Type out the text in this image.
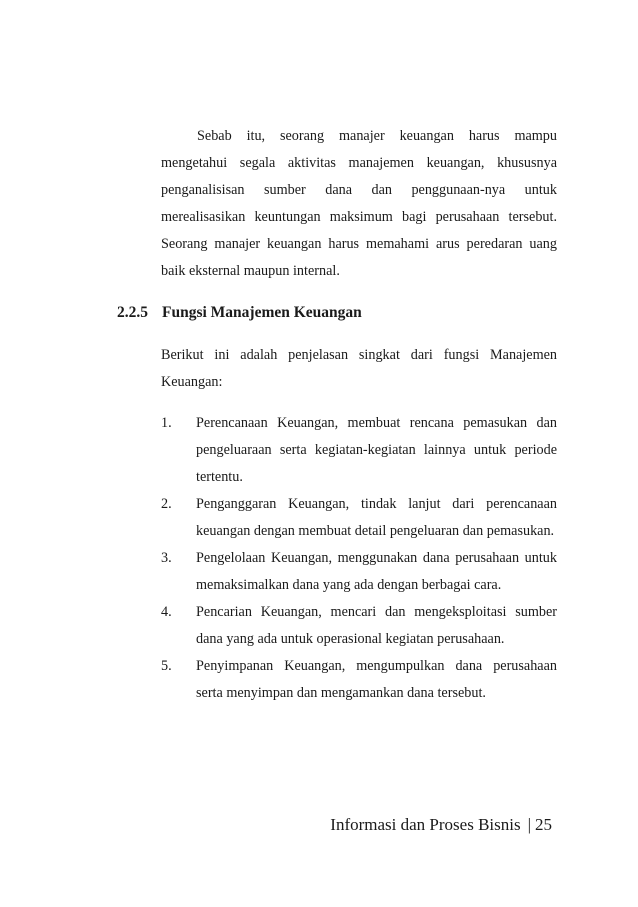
Sebab itu, seorang manajer keuangan harus mampu mengetahui segala aktivitas manajemen keuangan, khususnya penganalisisan sumber dana dan penggunaan-nya untuk merealisasikan keuntungan maksimum bagi perusahaan tersebut. Seorang manajer keuangan harus memahami arus peredaran uang baik eksternal maupun internal.

2.2.5 Fungsi Manajemen Keuangan

Berikut ini adalah penjelasan singkat dari fungsi Manajemen Keuangan:

1.	Perencanaan Keuangan, membuat rencana pemasukan dan pengeluaraan serta kegiatan-kegiatan lainnya untuk periode tertentu.
2.	Penganggaran Keuangan, tindak lanjut dari perencanaan keuangan dengan membuat detail pengeluaran dan pemasukan.
3.	Pengelolaan Keuangan, menggunakan dana perusahaan untuk memaksimalkan dana yang ada dengan berbagai cara.
4.	Pencarian Keuangan, mencari dan mengeksploitasi sumber dana yang ada untuk operasional kegiatan perusahaan.
5.	Penyimpanan Keuangan, mengumpulkan dana perusahaan serta menyimpan dan mengamankan dana tersebut.
Informasi dan Proses Bisnis | 25
